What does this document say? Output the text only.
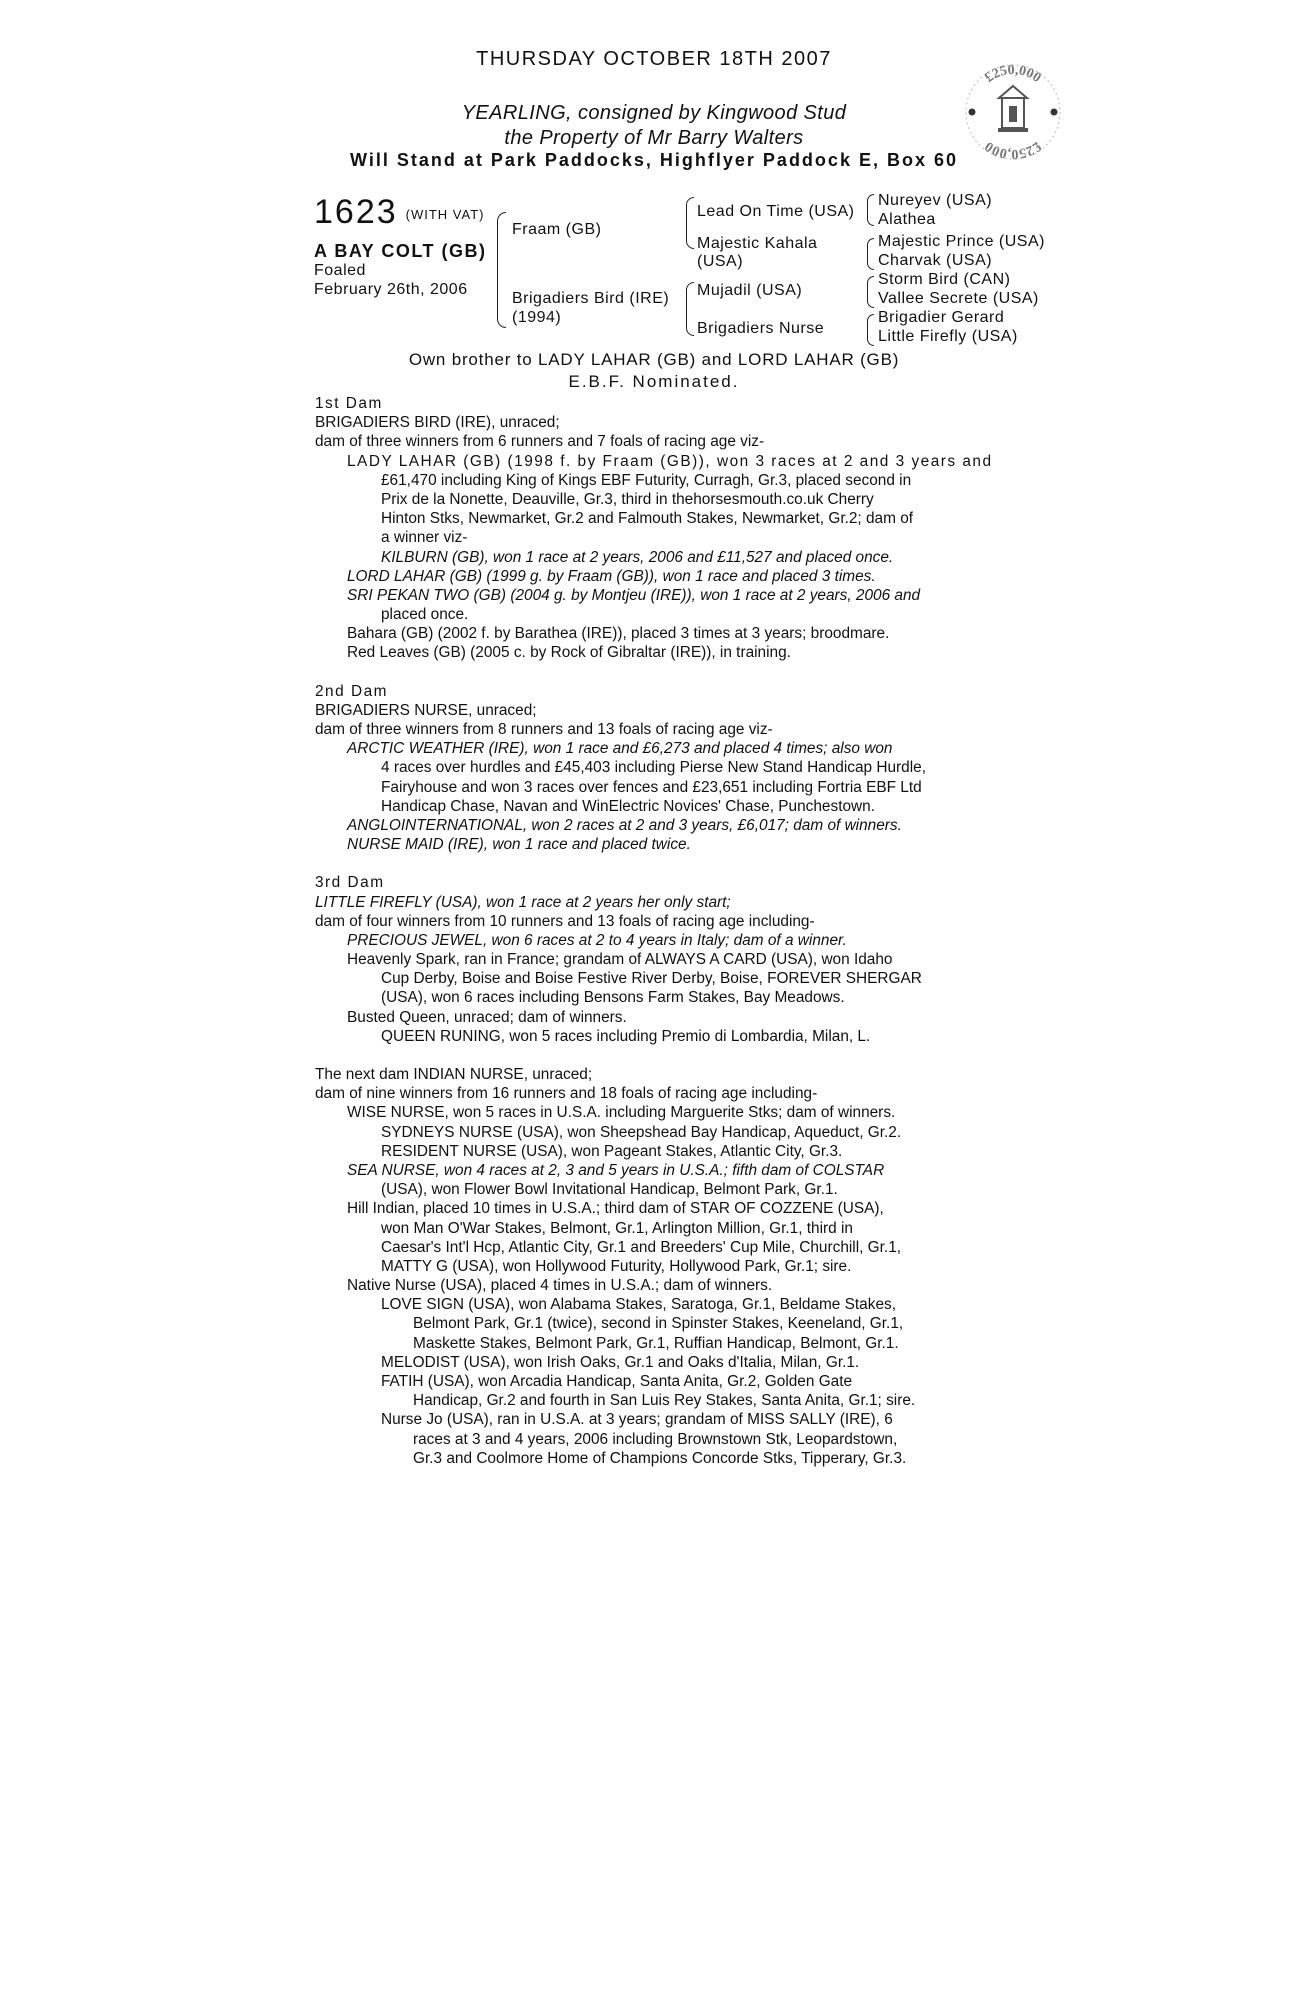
THURSDAY OCTOBER 18TH 2007
YEARLING, consigned by Kingwood Stud
the Property of Mr Barry Walters
Will Stand at Park Paddocks, Highflyer Paddock E, Box 60
£250,000
£250,000
1623 (WITH VAT)
A BAY COLT (GB)
Foaled
February 26th, 2006
Fraam (GB)
Brigadiers Bird (IRE)
(1994)
Lead On Time (USA)
Majestic Kahala
(USA)
Mujadil (USA)
Brigadiers Nurse
Nureyev (USA)
Alathea
Majestic Prince (USA)
Charvak (USA)
Storm Bird (CAN)
Vallee Secrete (USA)
Brigadier Gerard
Little Firefly (USA)
Own brother to LADY LAHAR (GB) and LORD LAHAR (GB)
E.B.F. Nominated.
1st Dam
BRIGADIERS BIRD (IRE), unraced;
dam of three winners from 6 runners and 7 foals of racing age viz-
LADY LAHAR (GB) (1998 f. by Fraam (GB)), won 3 races at 2 and 3 years and
£61,470 including King of Kings EBF Futurity, Curragh, Gr.3, placed second in
Prix de la Nonette, Deauville, Gr.3, third in thehorsesmouth.co.uk Cherry
Hinton Stks, Newmarket, Gr.2 and Falmouth Stakes, Newmarket, Gr.2; dam of
a winner viz-
KILBURN (GB), won 1 race at 2 years, 2006 and £11,527 and placed once.
LORD LAHAR (GB) (1999 g. by Fraam (GB)), won 1 race and placed 3 times.
SRI PEKAN TWO (GB) (2004 g. by Montjeu (IRE)), won 1 race at 2 years, 2006 and
placed once.
Bahara (GB) (2002 f. by Barathea (IRE)), placed 3 times at 3 years; broodmare.
Red Leaves (GB) (2005 c. by Rock of Gibraltar (IRE)), in training.
2nd Dam
BRIGADIERS NURSE, unraced;
dam of three winners from 8 runners and 13 foals of racing age viz-
ARCTIC WEATHER (IRE), won 1 race and £6,273 and placed 4 times; also won
4 races over hurdles and £45,403 including Pierse New Stand Handicap Hurdle,
Fairyhouse and won 3 races over fences and £23,651 including Fortria EBF Ltd
Handicap Chase, Navan and WinElectric Novices' Chase, Punchestown.
ANGLOINTERNATIONAL, won 2 races at 2 and 3 years, £6,017; dam of winners.
NURSE MAID (IRE), won 1 race and placed twice.
3rd Dam
LITTLE FIREFLY (USA), won 1 race at 2 years her only start;
dam of four winners from 10 runners and 13 foals of racing age including-
PRECIOUS JEWEL, won 6 races at 2 to 4 years in Italy; dam of a winner.
Heavenly Spark, ran in France; grandam of ALWAYS A CARD (USA), won Idaho
Cup Derby, Boise and Boise Festive River Derby, Boise, FOREVER SHERGAR
(USA), won 6 races including Bensons Farm Stakes, Bay Meadows.
Busted Queen, unraced; dam of winners.
QUEEN RUNING, won 5 races including Premio di Lombardia, Milan, L.
The next dam INDIAN NURSE, unraced;
dam of nine winners from 16 runners and 18 foals of racing age including-
WISE NURSE, won 5 races in U.S.A. including Marguerite Stks; dam of winners.
SYDNEYS NURSE (USA), won Sheepshead Bay Handicap, Aqueduct, Gr.2.
RESIDENT NURSE (USA), won Pageant Stakes, Atlantic City, Gr.3.
SEA NURSE, won 4 races at 2, 3 and 5 years in U.S.A.; fifth dam of COLSTAR
(USA), won Flower Bowl Invitational Handicap, Belmont Park, Gr.1.
Hill Indian, placed 10 times in U.S.A.; third dam of STAR OF COZZENE (USA),
won Man O'War Stakes, Belmont, Gr.1, Arlington Million, Gr.1, third in
Caesar's Int'l Hcp, Atlantic City, Gr.1 and Breeders' Cup Mile, Churchill, Gr.1,
MATTY G (USA), won Hollywood Futurity, Hollywood Park, Gr.1; sire.
Native Nurse (USA), placed 4 times in U.S.A.; dam of winners.
LOVE SIGN (USA), won Alabama Stakes, Saratoga, Gr.1, Beldame Stakes,
Belmont Park, Gr.1 (twice), second in Spinster Stakes, Keeneland, Gr.1,
Maskette Stakes, Belmont Park, Gr.1, Ruffian Handicap, Belmont, Gr.1.
MELODIST (USA), won Irish Oaks, Gr.1 and Oaks d'Italia, Milan, Gr.1.
FATIH (USA), won Arcadia Handicap, Santa Anita, Gr.2, Golden Gate
Handicap, Gr.2 and fourth in San Luis Rey Stakes, Santa Anita, Gr.1; sire.
Nurse Jo (USA), ran in U.S.A. at 3 years; grandam of MISS SALLY (IRE), 6
races at 3 and 4 years, 2006 including Brownstown Stk, Leopardstown,
Gr.3 and Coolmore Home of Champions Concorde Stks, Tipperary, Gr.3.
